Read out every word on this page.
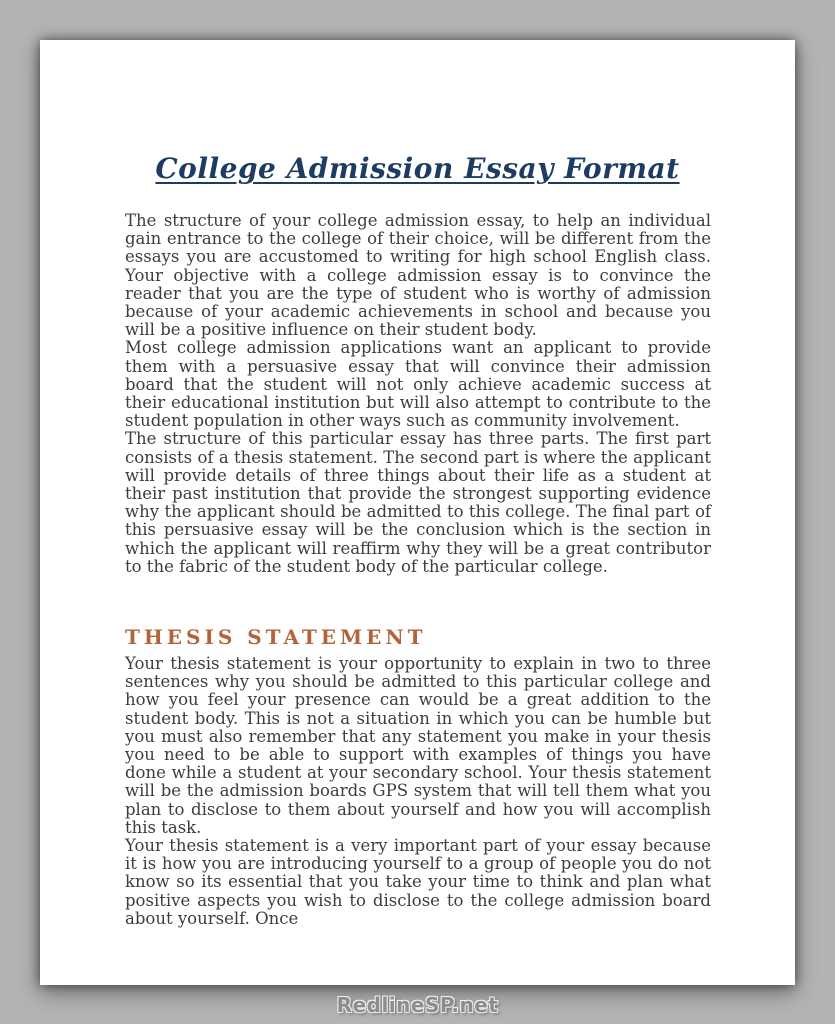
College Admission Essay Format

The structure of your college admission essay, to help an individual gain entrance to the college of their choice, will be different from the essays you are accustomed to writing for high school English class. Your objective with a college admission essay is to convince the reader that you are the type of student who is worthy of admission because of your academic achievements in school and because you will be a positive influence on their student body.

Most college admission applications want an applicant to provide them with a persuasive essay that will convince their admission board that the student will not only achieve academic success at their educational institution but will also attempt to contribute to the student population in other ways such as community involvement.

The structure of this particular essay has three parts. The first part consists of a thesis statement. The second part is where the applicant will provide details of three things about their life as a student at their past institution that provide the strongest supporting evidence why the applicant should be admitted to this college. The final part of this persuasive essay will be the conclusion which is the section in which the applicant will reaffirm why they will be a great contributor to the fabric of the student body of the particular college.

THESIS STATEMENT

Your thesis statement is your opportunity to explain in two to three sentences why you should be admitted to this particular college and how you feel your presence can would be a great addition to the student body. This is not a situation in which you can be humble but you must also remember that any statement you make in your thesis you need to be able to support with examples of things you have done while a student at your secondary school. Your thesis statement will be the admission boards GPS system that will tell them what you plan to disclose to them about yourself and how you will accomplish this task.

Your thesis statement is a very important part of your essay because it is how you are introducing yourself to a group of people you do not know so its essential that you take your time to think and plan what positive aspects you wish to disclose to the college admission board about yourself. Once

RedlineSP.net
